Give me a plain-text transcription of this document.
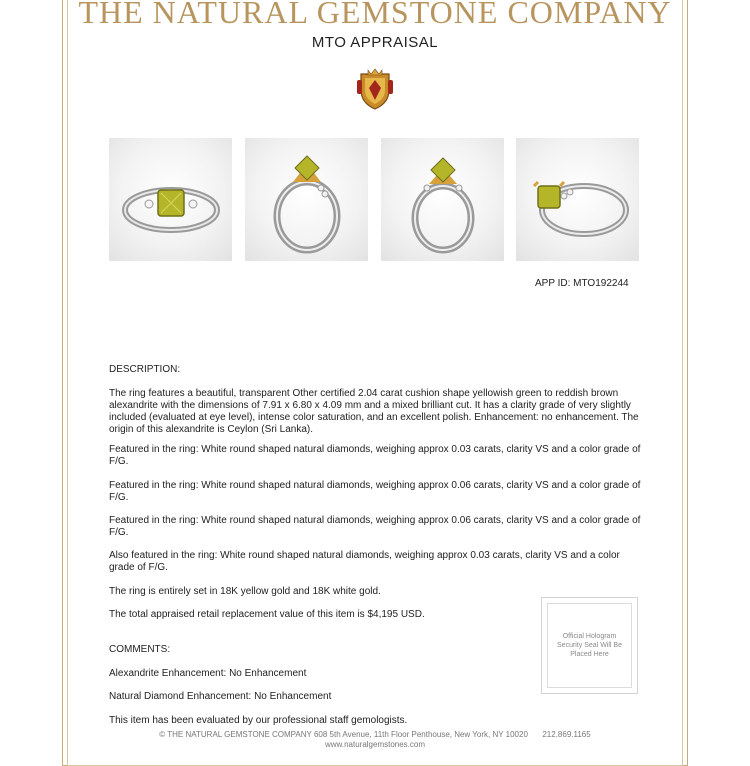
THE NATURAL GEMSTONE COMPANY
MTO APPRAISAL
APP ID: MTO192244
DESCRIPTION:
The ring features a beautiful, transparent Other certified 2.04 carat cushion shape yellowish green to reddish brown alexandrite with the dimensions of 7.91 x 6.80 x 4.09 mm and a mixed brilliant cut. It has a clarity grade of very slightly included (evaluated at eye level), intense color saturation, and an excellent polish. Enhancement: no enhancement. The origin of this alexandrite is Ceylon (Sri Lanka).
Featured in the ring: White round shaped natural diamonds, weighing approx 0.03 carats, clarity VS and a color grade of F/G.
Featured in the ring: White round shaped natural diamonds, weighing approx 0.06 carats, clarity VS and a color grade of F/G.
Featured in the ring: White round shaped natural diamonds, weighing approx 0.06 carats, clarity VS and a color grade of F/G.
Also featured in the ring: White round shaped natural diamonds, weighing approx 0.03 carats, clarity VS and a color grade of F/G.
The ring is entirely set in 18K yellow gold and 18K white gold.
The total appraised retail replacement value of this item is $4,195 USD.
COMMENTS:
Alexandrite Enhancement: No Enhancement
Natural Diamond Enhancement: No Enhancement
This item has been evaluated by our professional staff gemologists.
Official Hologram Security Seal Will Be Placed Here
© THE NATURAL GEMSTONE COMPANY 608 5th Avenue, 11th Floor Penthouse, New York, NY 10020 212.869.1165
www.naturalgemstones.com
